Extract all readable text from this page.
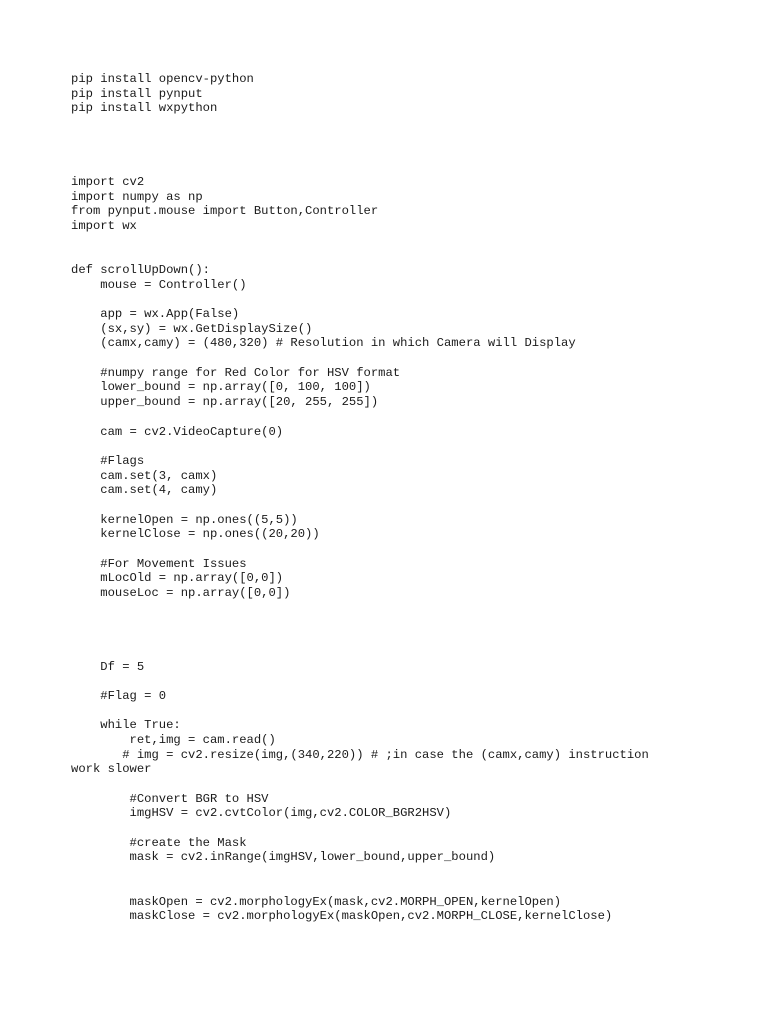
pip install opencv-python
pip install pynput
pip install wxpython
import cv2
import numpy as np
from pynput.mouse import Button,Controller
import wx
def scrollUpDown():
mouse = Controller()
app = wx.App(False)
(sx,sy) = wx.GetDisplaySize()
(camx,camy) = (480,320) # Resolution in which Camera will Display
#numpy range for Red Color for HSV format
lower_bound = np.array([0, 100, 100])
upper_bound = np.array([20, 255, 255])
cam = cv2.VideoCapture(0)
#Flags
cam.set(3, camx)
cam.set(4, camy)
kernelOpen = np.ones((5,5))
kernelClose = np.ones((20,20))
#For Movement Issues
mLocOld = np.array([0,0])
mouseLoc = np.array([0,0])
Df = 5
#Flag = 0
while True:
ret,img = cam.read()
# img = cv2.resize(img,(340,220)) # ;in case the (camx,camy) instruction
work slower
#Convert BGR to HSV
imgHSV = cv2.cvtColor(img,cv2.COLOR_BGR2HSV)
#create the Mask
mask = cv2.inRange(imgHSV,lower_bound,upper_bound)
maskOpen = cv2.morphologyEx(mask,cv2.MORPH_OPEN,kernelOpen)
maskClose = cv2.morphologyEx(maskOpen,cv2.MORPH_CLOSE,kernelClose)
